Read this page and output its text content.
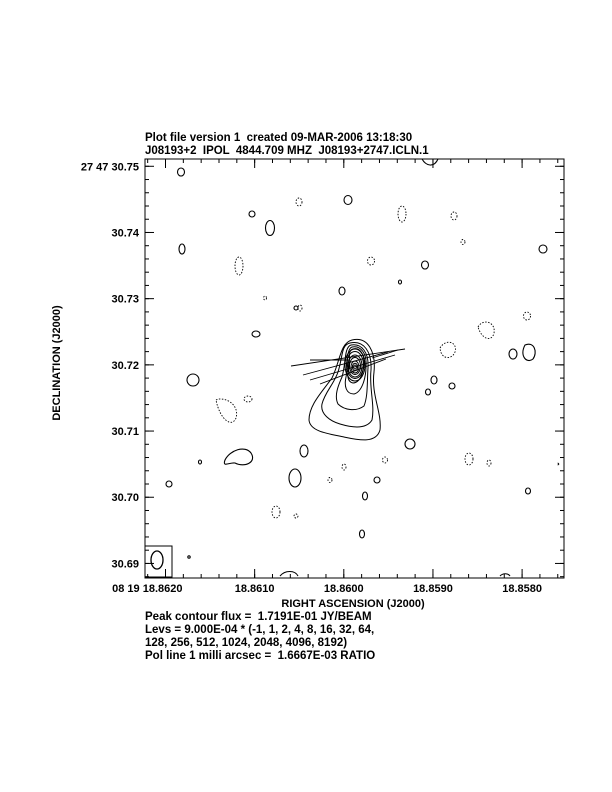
Plot file version 1  created 09-MAR-2006 13:18:30
J08193+2  IPOL  4844.709 MHZ  J08193+2747.ICLN.1
08 19 18.8620	18.8610	18.8600	18.8590	18.8580
27 47 30.75
30.74
30.73
30.72
30.71
30.70
30.69
RIGHT ASCENSION (J2000)
DECLINATION (J2000)
Peak contour flux =  1.7191E-01 JY/BEAM
Levs = 9.000E-04 * (-1, 1, 2, 4, 8, 16, 32, 64,
128, 256, 512, 1024, 2048, 4096, 8192)
Pol line 1 milli arcsec =  1.6667E-03 RATIO
